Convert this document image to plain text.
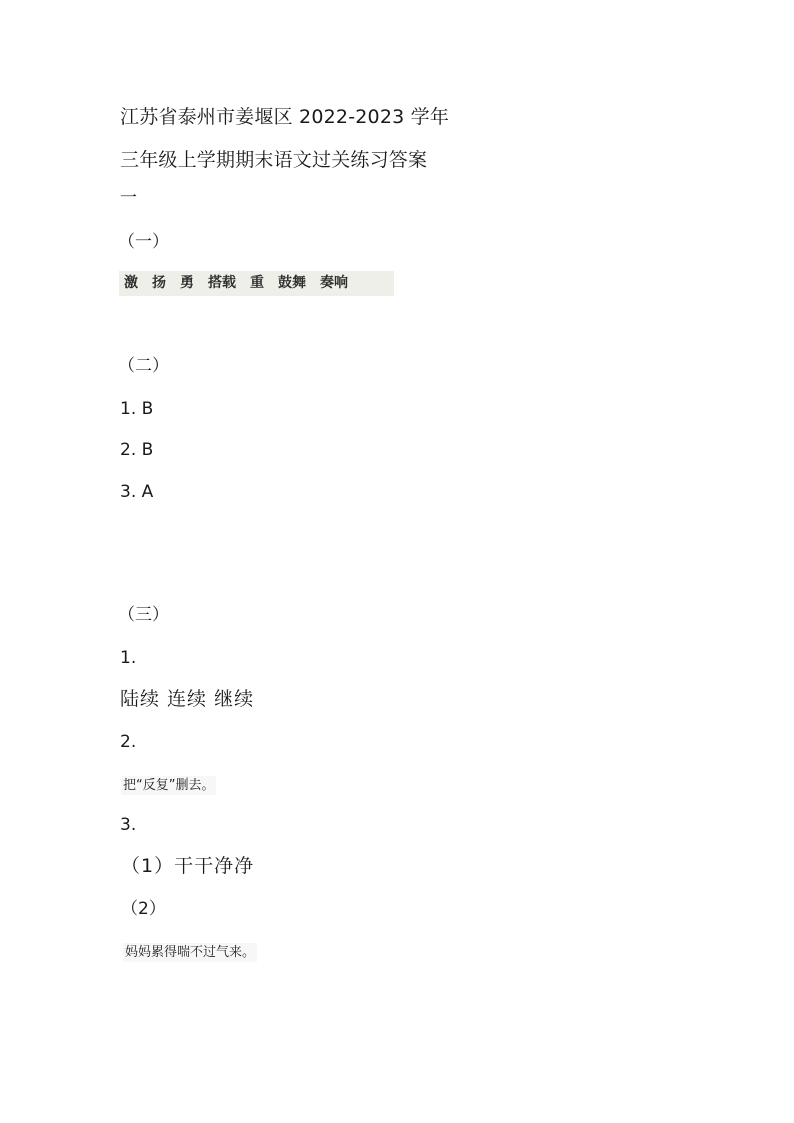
江苏省泰州市姜堰区 2022-2023 学年
三年级上学期期末语文过关练习答案
一
（一）
激 扬 勇 搭载 重 鼓舞 奏响
（二）
1. B
2. B
3. A
（三）
1.
陆续 连续 继续
2.
把“反复”删去。
3.
（1）干干净净
（2）
妈妈累得喘不过气来。
